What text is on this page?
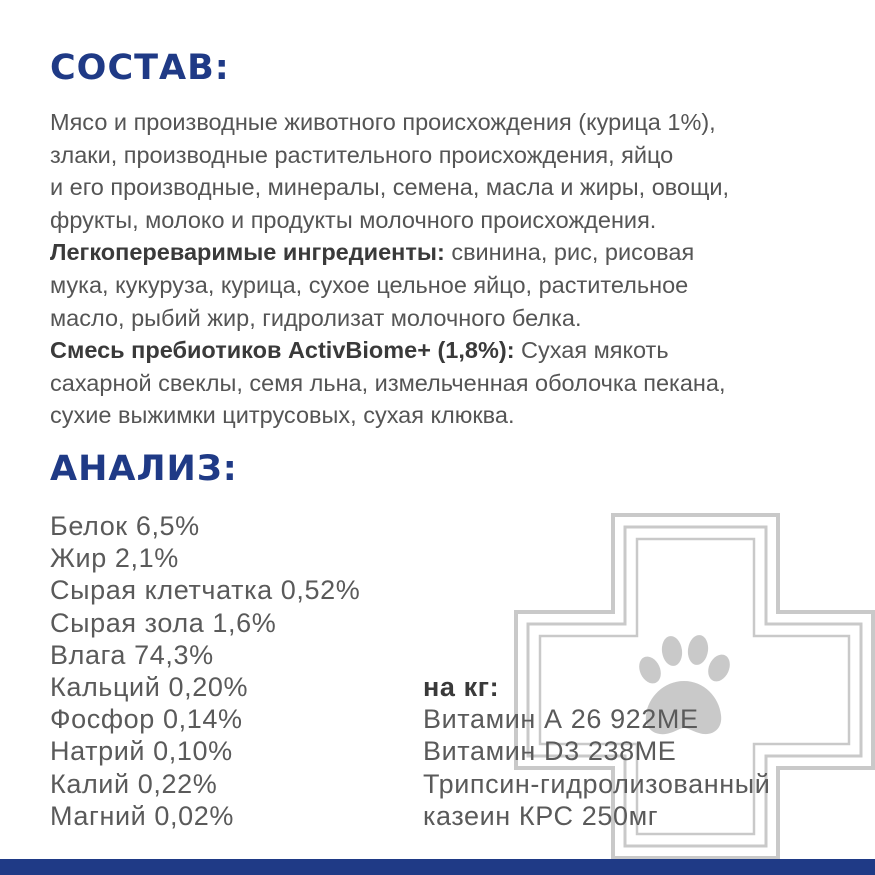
СОСТАВ:
Мясо и производные животного происхождения (курица 1%),
злаки, производные растительного происхождения, яйцо
и его производные, минералы, семена, масла и жиры, овощи,
фрукты, молоко и продукты молочного происхождения.
Легкопереваримые ингредиенты: свинина, рис, рисовая
мука, кукуруза, курица, сухое цельное яйцо, растительное
масло, рыбий жир, гидролизат молочного белка.
Смесь пребиотиков ActivBiome+ (1,8%): Сухая мякоть
сахарной свеклы, семя льна, измельченная оболочка пекана,
сухие выжимки цитрусовых, сухая клюква.
АНАЛИЗ:
Белок 6,5%
Жир 2,1%
Сырая клетчатка 0,52%
Сырая зола 1,6%
Влага 74,3%
Кальций 0,20%
Фосфор 0,14%
Натрий 0,10%
Калий 0,22%
Магний 0,02%
на кг:
Витамин А 26 922МЕ
Витамин D3 238МЕ
Трипсин-гидролизованный
казеин КРС 250мг
